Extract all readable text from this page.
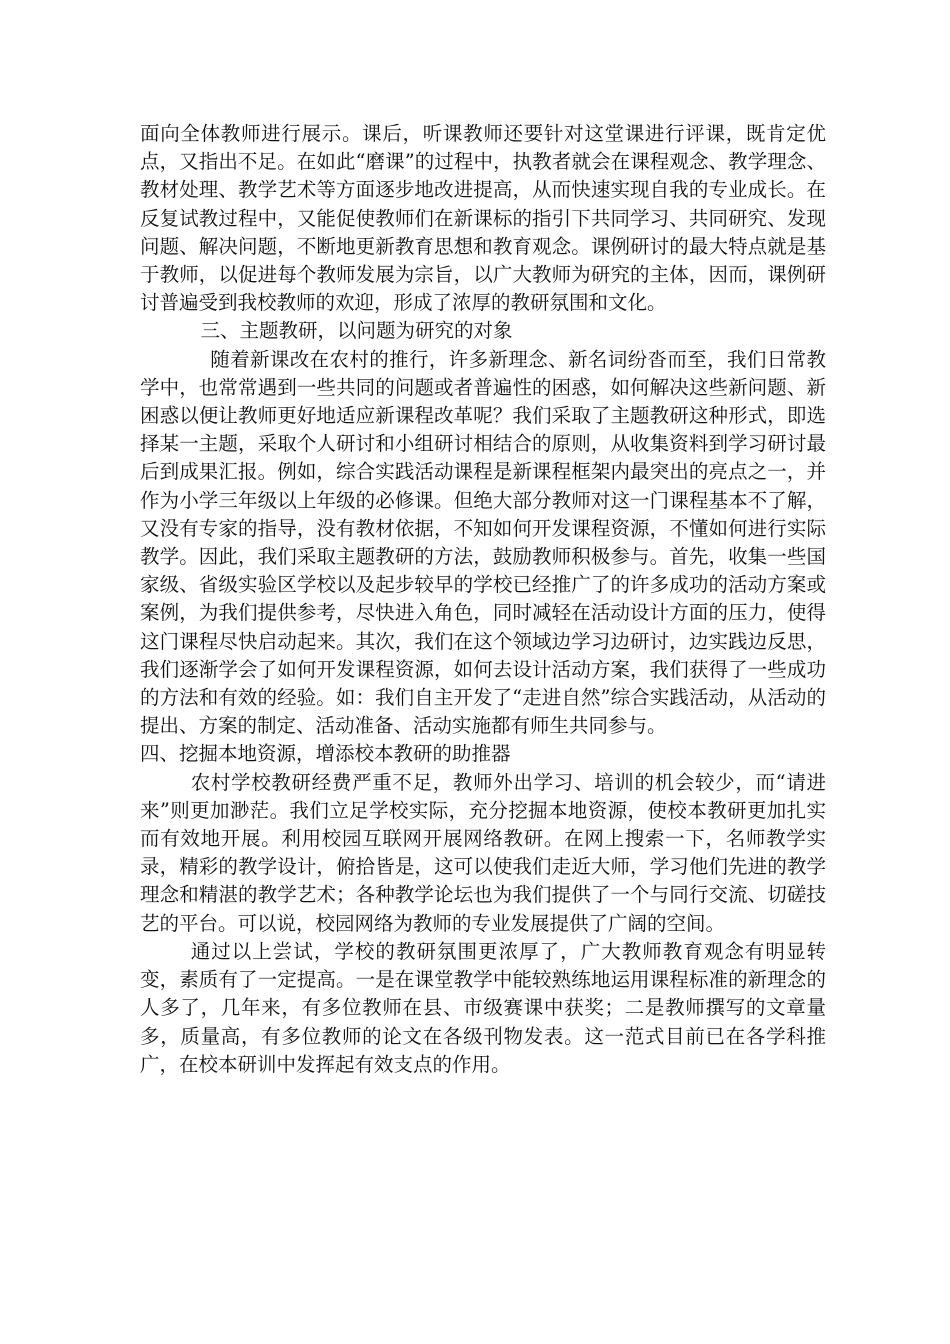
面向全体教师进行展示。课后，听课教师还要针对这堂课进行评课，既肯定优点，又指出不足。在如此“磨课”的过程中，执教者就会在课程观念、教学理念、教材处理、教学艺术等方面逐步地改进提高，从而快速实现自我的专业成长。在反复试教过程中，又能促使教师们在新课标的指引下共同学习、共同研究、发现问题、解决问题，不断地更新教育思想和教育观念。课例研讨的最大特点就是基于教师，以促进每个教师发展为宗旨，以广大教师为研究的主体，因而，课例研讨普遍受到我校教师的欢迎，形成了浓厚的教研氛围和文化。

三、主题教研，以问题为研究的对象

随着新课改在农村的推行，许多新理念、新名词纷沓而至，我们日常教学中，也常常遇到一些共同的问题或者普遍性的困惑，如何解决这些新问题、新困惑以便让教师更好地适应新课程改革呢？我们采取了主题教研这种形式，即选择某一主题，采取个人研讨和小组研讨相结合的原则，从收集资料到学习研讨最后到成果汇报。例如，综合实践活动课程是新课程框架内最突出的亮点之一，并作为小学三年级以上年级的必修课。但绝大部分教师对这一门课程基本不了解，又没有专家的指导，没有教材依据，不知如何开发课程资源，不懂如何进行实际教学。因此，我们采取主题教研的方法，鼓励教师积极参与。首先，收集一些国家级、省级实验区学校以及起步较早的学校已经推广了的许多成功的活动方案或案例，为我们提供参考，尽快进入角色，同时减轻在活动设计方面的压力，使得这门课程尽快启动起来。其次，我们在这个领域边学习边研讨，边实践边反思，我们逐渐学会了如何开发课程资源，如何去设计活动方案，我们获得了一些成功的方法和有效的经验。如：我们自主开发了“走进自然”综合实践活动，从活动的提出、方案的制定、活动准备、活动实施都有师生共同参与。

四、挖掘本地资源，增添校本教研的助推器

农村学校教研经费严重不足，教师外出学习、培训的机会较少，而“请进来”则更加渺茫。我们立足学校实际，充分挖掘本地资源，使校本教研更加扎实而有效地开展。利用校园互联网开展网络教研。在网上搜索一下，名师教学实录，精彩的教学设计，俯拾皆是，这可以使我们走近大师，学习他们先进的教学理念和精湛的教学艺术；各种教学论坛也为我们提供了一个与同行交流、切磋技艺的平台。可以说，校园网络为教师的专业发展提供了广阔的空间。

通过以上尝试，学校的教研氛围更浓厚了，广大教师教育观念有明显转变，素质有了一定提高。一是在课堂教学中能较熟练地运用课程标准的新理念的人多了，几年来，有多位教师在县、市级赛课中获奖；二是教师撰写的文章量多，质量高，有多位教师的论文在各级刊物发表。这一范式目前已在各学科推广，在校本研训中发挥起有效支点的作用。
